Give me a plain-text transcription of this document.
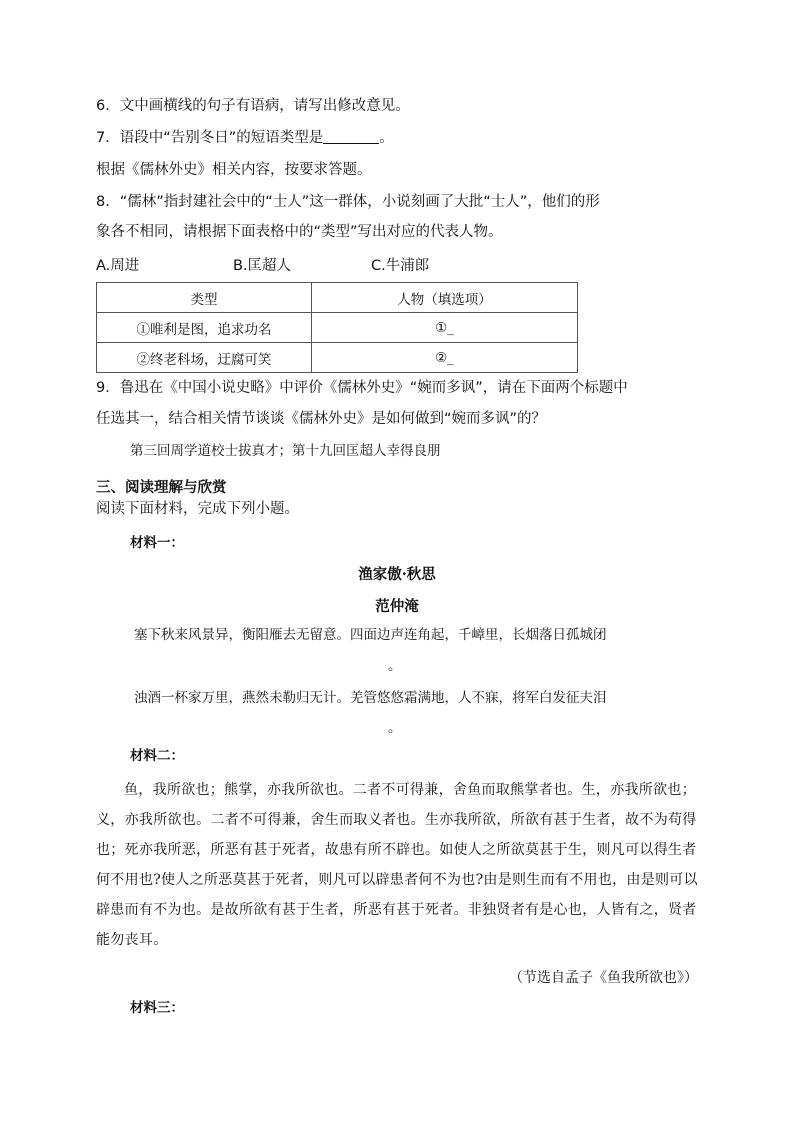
6．文中画横线的句子有语病，请写出修改意见。
7．语段中“告别冬日”的短语类型是	。
根据《儒林外史》相关内容，按要求答题。
8．“儒林”指封建社会中的“士人”这一群体，小说刻画了大批“士人”，他们的形
象各不相同，请根据下面表格中的“类型”写出对应的代表人物。
A.周进	B.匡超人	C.牛浦郎
类型	人物（填选项）
①唯利是图，追求功名	①_
②终老科场，迂腐可笑	②_
9．鲁迅在《中国小说史略》中评价《儒林外史》“婉而多讽”，请在下面两个标题中
任选其一，结合相关情节谈谈《儒林外史》是如何做到“婉而多讽”的？
第三回周学道校士拔真才；第十九回匡超人幸得良朋
三、阅读理解与欣赏
阅读下面材料，完成下列小题。
材料一：
渔家傲·秋思
范仲淹
塞下秋来风景异，衡阳雁去无留意。四面边声连角起，千嶂里，长烟落日孤城闭
。
浊酒一杯家万里，燕然未勒归无计。羌管悠悠霜满地，人不寐，将军白发征夫泪
。
材料二：
鱼，我所欲也；熊掌，亦我所欲也。二者不可得兼，舍鱼而取熊掌者也。生，亦我所欲也；义，亦我所欲也。二者不可得兼，舍生而取义者也。生亦我所欲，所欲有甚于生者，故不为苟得也；死亦我所恶，所恶有甚于死者，故患有所不辟也。如使人之所欲莫甚于生，则凡可以得生者何不用也?使人之所恶莫甚于死者，则凡可以辟患者何不为也?由是则生而有不用也，由是则可以辟患而有不为也。是故所欲有甚于生者，所恶有甚于死者。非独贤者有是心也，人皆有之，贤者能勿丧耳。
（节选自孟子《鱼我所欲也》）
材料三：
